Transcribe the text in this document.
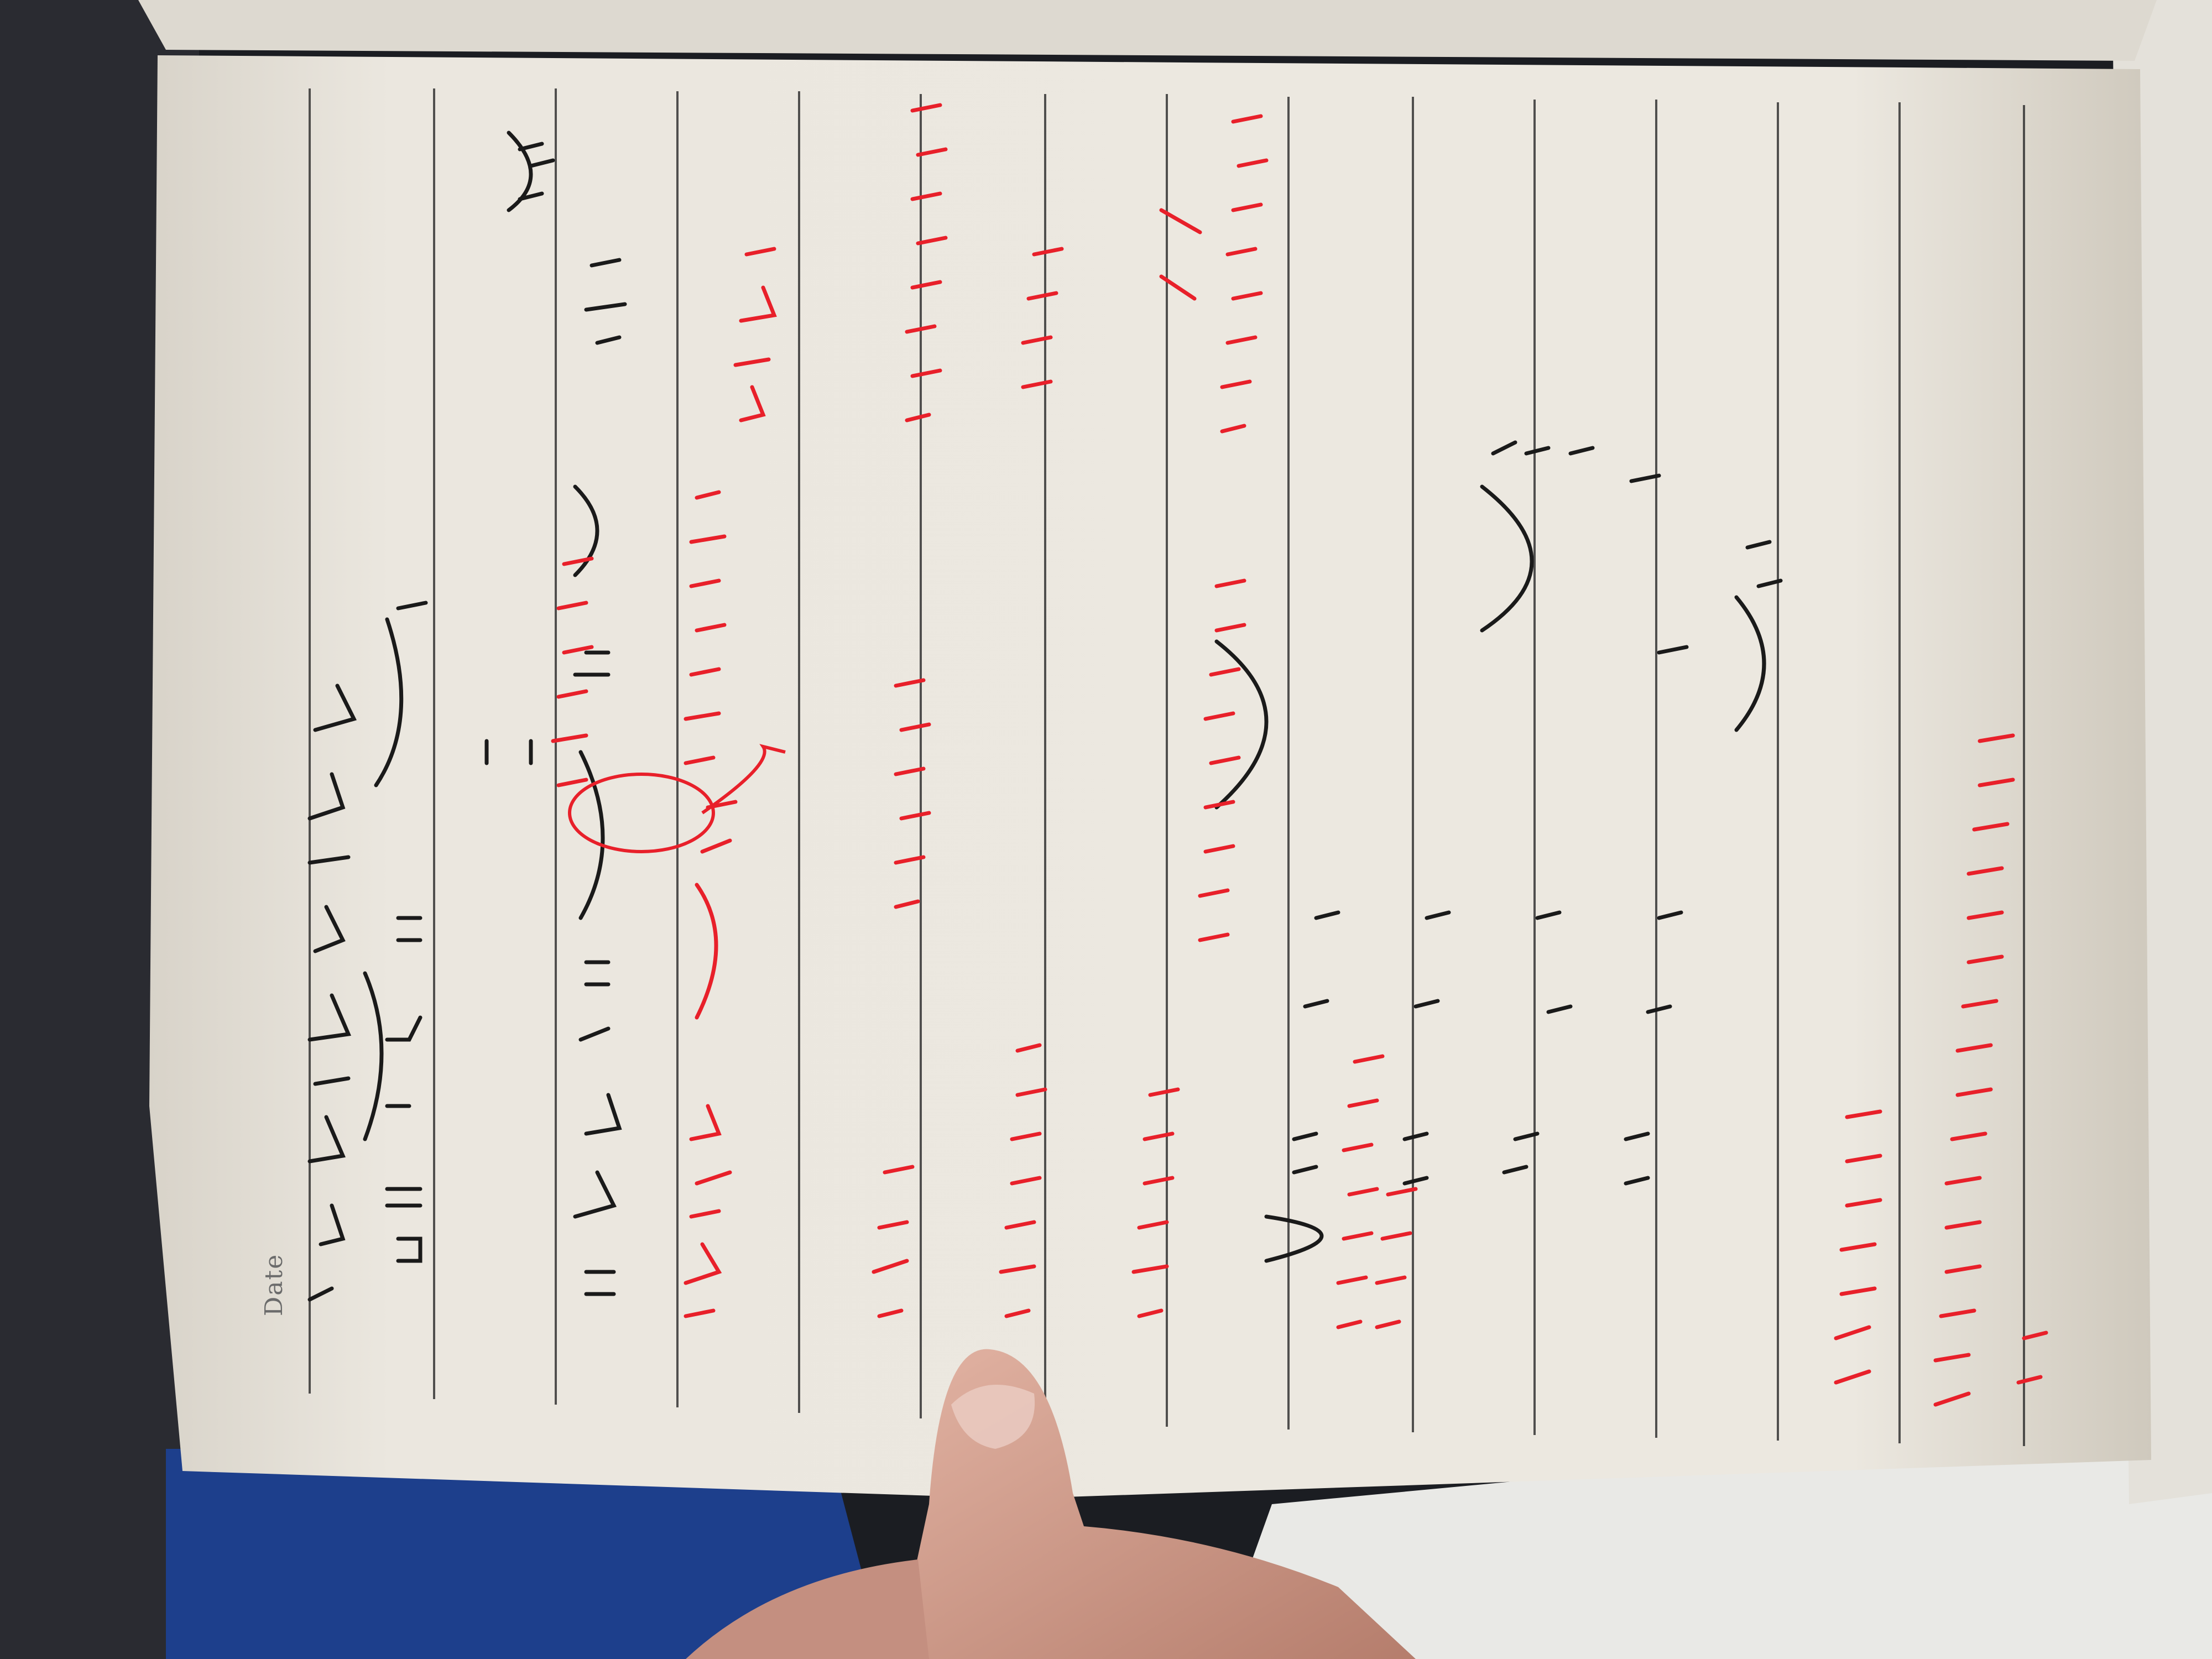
Date
